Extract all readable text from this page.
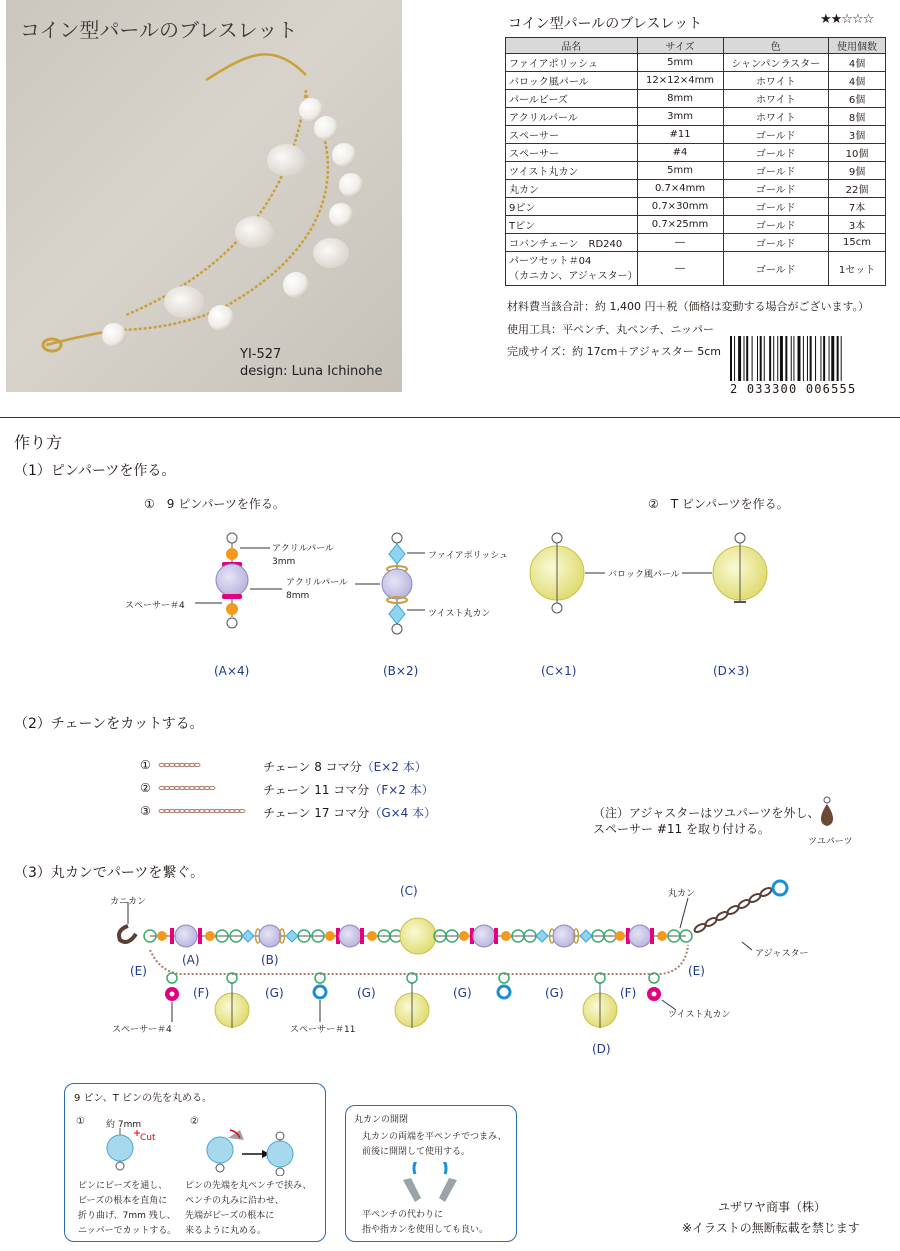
コイン型パールのブレスレット
YI-527
design: Luna Ichinohe
コイン型パールのブレスレット	★★☆☆☆
品名	サイズ	色	使用個数
ファイアポリッシュ	5mm	シャンパンラスター	4個
バロック風パール	12×12×4mm	ホワイト	4個
パールビーズ	8mm	ホワイト	6個
アクリルパール	3mm	ホワイト	8個
スペーサー	#11	ゴールド	3個
スペーサー	#4	ゴールド	10個
ツイスト丸カン	5mm	ゴールド	9個
丸カン	0.7×4mm	ゴールド	22個
9ピン	0.7×30mm	ゴールド	7本
Tピン	0.7×25mm	ゴールド	3本
コバンチェーン　RD240	―	ゴールド	15cm

パーツセット＃04
（カニカン、アジャスター）	―	ゴールド	1セット
材料費当該合計：約 1,400 円＋税（価格は変動する場合がございます。）
使用工具：平ペンチ、丸ペンチ、ニッパー
完成サイズ：約 17cm＋アジャスター 5cm
2 033300 006555
作り方
（1）ピンパーツを作る。
①　9 ピンパーツを作る。	②　T ピンパーツを作る。
アクリルパール
3mm
アクリルパール
8mm
スペーサー＃4
ファイアポリッシュ
ツイスト丸カン
バロック風パール
(A×4)	(B×2)	(C×1)	(D×3)
（2）チェーンをカットする。
①
②
③
チェーン 8 コマ分（E×2 本）
チェーン 11 コマ分（F×2 本）
チェーン 17 コマ分（G×4 本）	（注）アジャスターはツユパーツを外し、
スペーサー #11 を取り付ける。
ツユパーツ
（3）丸カンでパーツを繋ぐ。
カニカン
丸カン
アジャスター
スペーサー＃4	スペーサー＃11
ツイスト丸カン
(C)
(A)	(B)
(E)	(E)
(F)	(F)
(G)	(G)	(G)	(G)
(D)
9 ピン、T ピンの先を丸める。
①	②
約 7mm
Cut
ピンにビーズを通し、
ビーズの根本を直角に
折り曲げ、7mm 残し、
ニッパーでカットする。
ピンの先端を丸ペンチで挟み、
ペンチの丸みに沿わせ、
先端がビーズの根本に
来るように丸める。
丸カンの開閉
丸カンの両端を平ペンチでつまみ、
前後に開閉して使用する。
平ペンチの代わりに
指や指カンを使用しても良い。
ユザワヤ商事（株）
※イラストの無断転載を禁じます
